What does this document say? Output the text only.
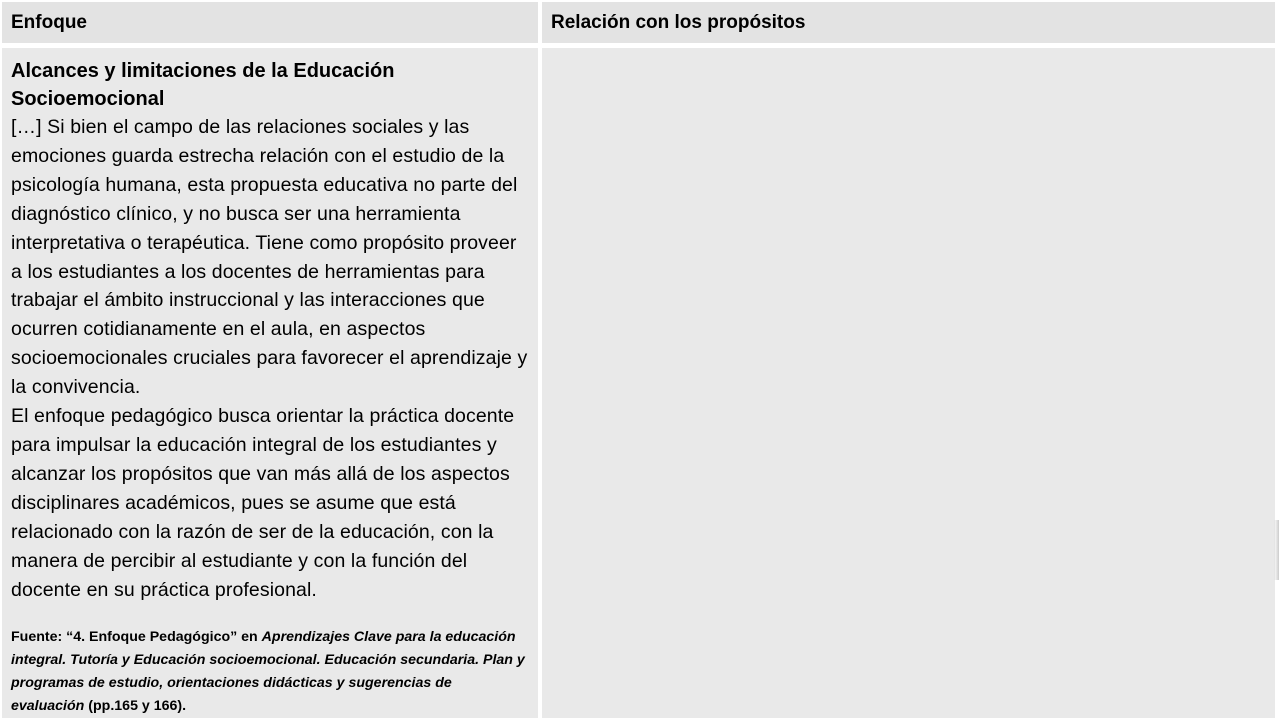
Enfoque	Relación con los propósitos

Alcances y limitaciones de la Educación Socioemocional

[…] Si bien el campo de las relaciones sociales y las emociones guarda estrecha relación con el estudio de la psicología humana, esta propuesta educativa no parte del diagnóstico clínico, y no busca ser una herramienta interpretativa o terapéutica. Tiene como propósito proveer a los estudiantes a los docentes de herramientas para trabajar el ámbito instruccional y las interacciones que ocurren cotidianamente en el aula, en aspectos socioemocionales cruciales para favorecer el aprendizaje y la convivencia.

El enfoque pedagógico busca orientar la práctica docente para impulsar la educación integral de los estudiantes y alcanzar los propósitos que van más allá de los aspectos disciplinares académicos, pues se asume que está relacionado con la razón de ser de la educación, con la manera de percibir al estudiante y con la función del docente en su práctica profesional.

Fuente: “4. Enfoque Pedagógico” en Aprendizajes Clave para la educación integral. Tutoría y Educación socioemocional. Educación secundaria. Plan y programas de estudio, orientaciones didácticas y sugerencias de evaluación (pp.165 y 166).
